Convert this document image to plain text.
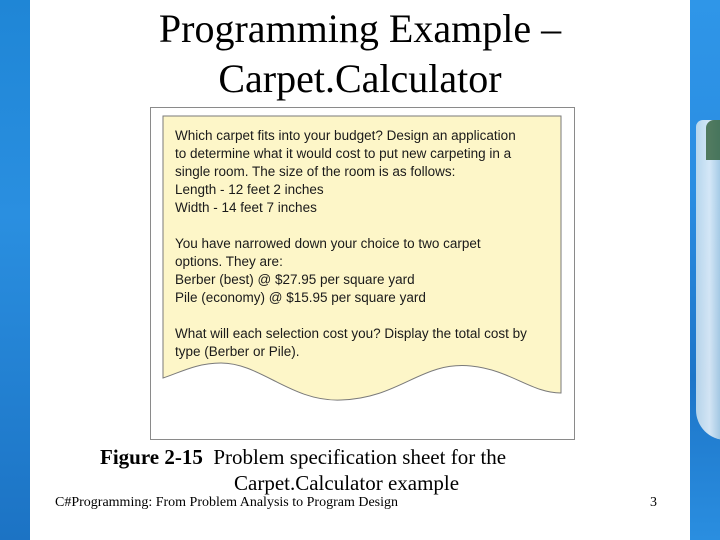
Programming Example –
Carpet.Calculator
Which carpet fits into your budget? Design an application
to determine what it would cost to put new carpeting in a
single room. The size of the room is as follows:
Length - 12 feet 2 inches
Width - 14 feet 7 inches
You have narrowed down your choice to two carpet
options. They are:
Berber (best) @ $27.95 per square yard
Pile (economy) @ $15.95 per square yard
What will each selection cost you? Display the total cost by
type (Berber or Pile).
Figure 2-15 Problem specification sheet for the
Carpet.Calculator example
C#Programming: From Problem Analysis to Program Design	3
